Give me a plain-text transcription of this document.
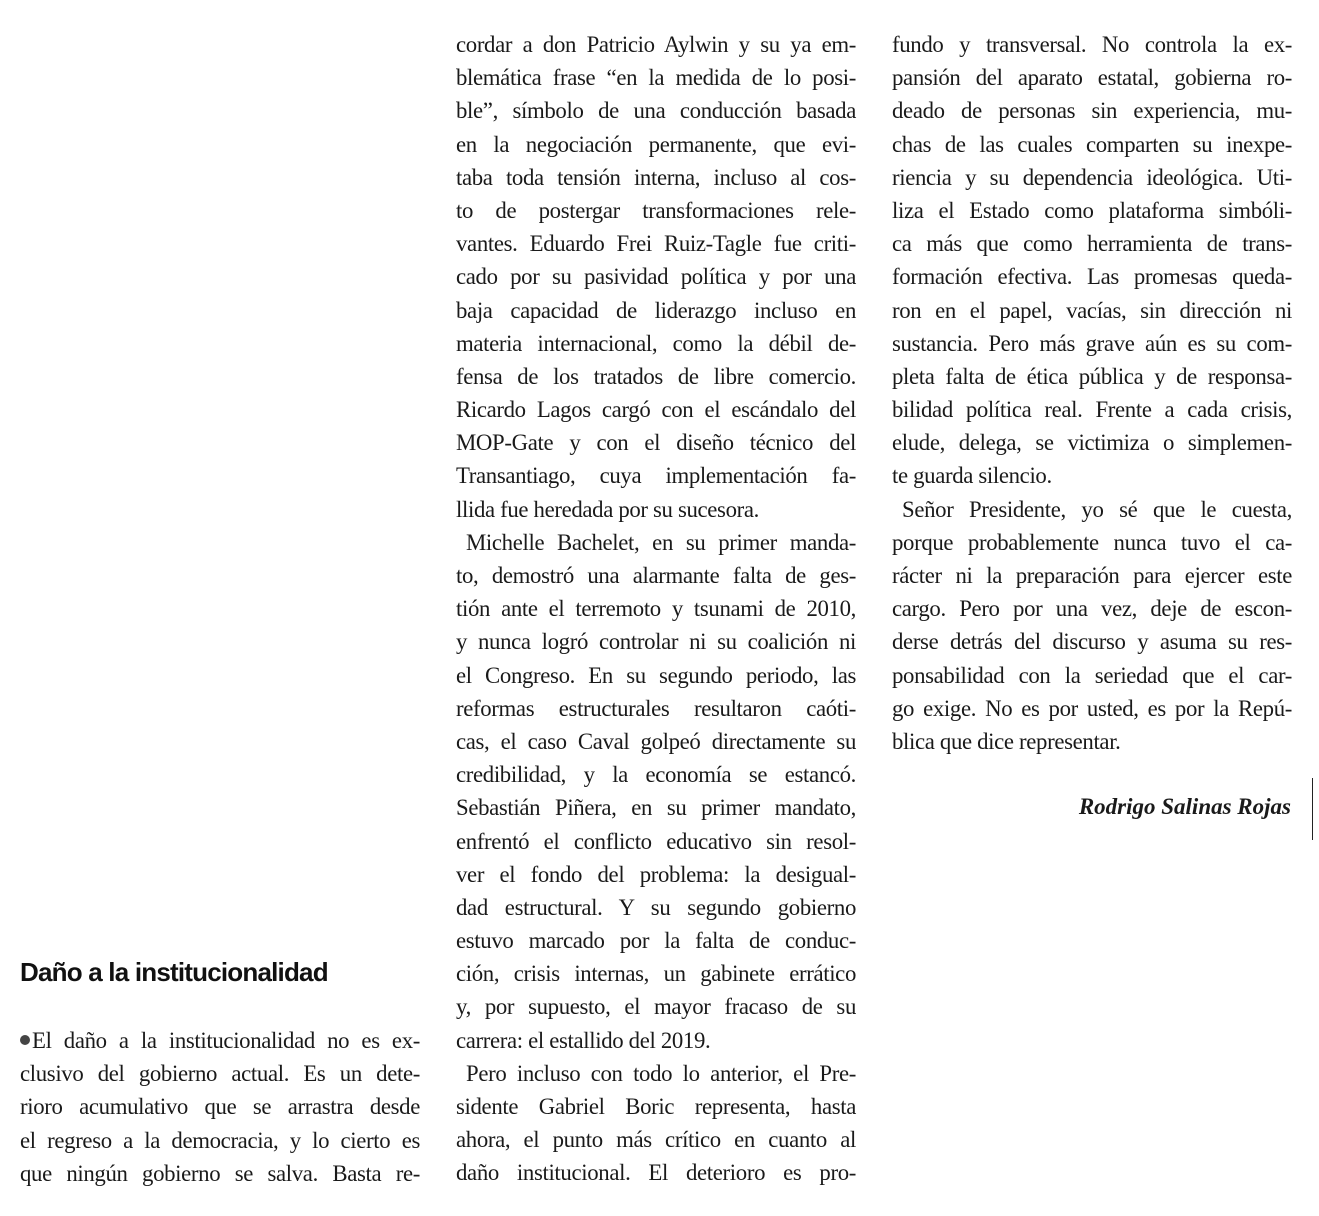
Daño a la institucionalidad
El daño a la institucionalidad no es ex-
clusivo del gobierno actual. Es un dete-
rioro acumulativo que se arrastra desde
el regreso a la democracia, y lo cierto es
que ningún gobierno se salva. Basta re-
cordar a don Patricio Aylwin y su ya em-
blemática frase “en la medida de lo posi-
ble”, símbolo de una conducción basada
en la negociación permanente, que evi-
taba toda tensión interna, incluso al cos-
to de postergar transformaciones rele-
vantes. Eduardo Frei Ruiz-Tagle fue criti-
cado por su pasividad política y por una
baja capacidad de liderazgo incluso en
materia internacional, como la débil de-
fensa de los tratados de libre comercio.
Ricardo Lagos cargó con el escándalo del
MOP-Gate y con el diseño técnico del
Transantiago, cuya implementación fa-
llida fue heredada por su sucesora.
Michelle Bachelet, en su primer manda-
to, demostró una alarmante falta de ges-
tión ante el terremoto y tsunami de 2010,
y nunca logró controlar ni su coalición ni
el Congreso. En su segundo periodo, las
reformas estructurales resultaron caóti-
cas, el caso Caval golpeó directamente su
credibilidad, y la economía se estancó.
Sebastián Piñera, en su primer mandato,
enfrentó el conflicto educativo sin resol-
ver el fondo del problema: la desigual-
dad estructural. Y su segundo gobierno
estuvo marcado por la falta de conduc-
ción, crisis internas, un gabinete errático
y, por supuesto, el mayor fracaso de su
carrera: el estallido del 2019.
Pero incluso con todo lo anterior, el Pre-
sidente Gabriel Boric representa, hasta
ahora, el punto más crítico en cuanto al
daño institucional. El deterioro es pro-
fundo y transversal. No controla la ex-
pansión del aparato estatal, gobierna ro-
deado de personas sin experiencia, mu-
chas de las cuales comparten su inexpe-
riencia y su dependencia ideológica. Uti-
liza el Estado como plataforma simbóli-
ca más que como herramienta de trans-
formación efectiva. Las promesas queda-
ron en el papel, vacías, sin dirección ni
sustancia. Pero más grave aún es su com-
pleta falta de ética pública y de responsa-
bilidad política real. Frente a cada crisis,
elude, delega, se victimiza o simplemen-
te guarda silencio.
Señor Presidente, yo sé que le cuesta,
porque probablemente nunca tuvo el ca-
rácter ni la preparación para ejercer este
cargo. Pero por una vez, deje de escon-
derse detrás del discurso y asuma su res-
ponsabilidad con la seriedad que el car-
go exige. No es por usted, es por la Repú-
blica que dice representar.
Rodrigo Salinas Rojas
